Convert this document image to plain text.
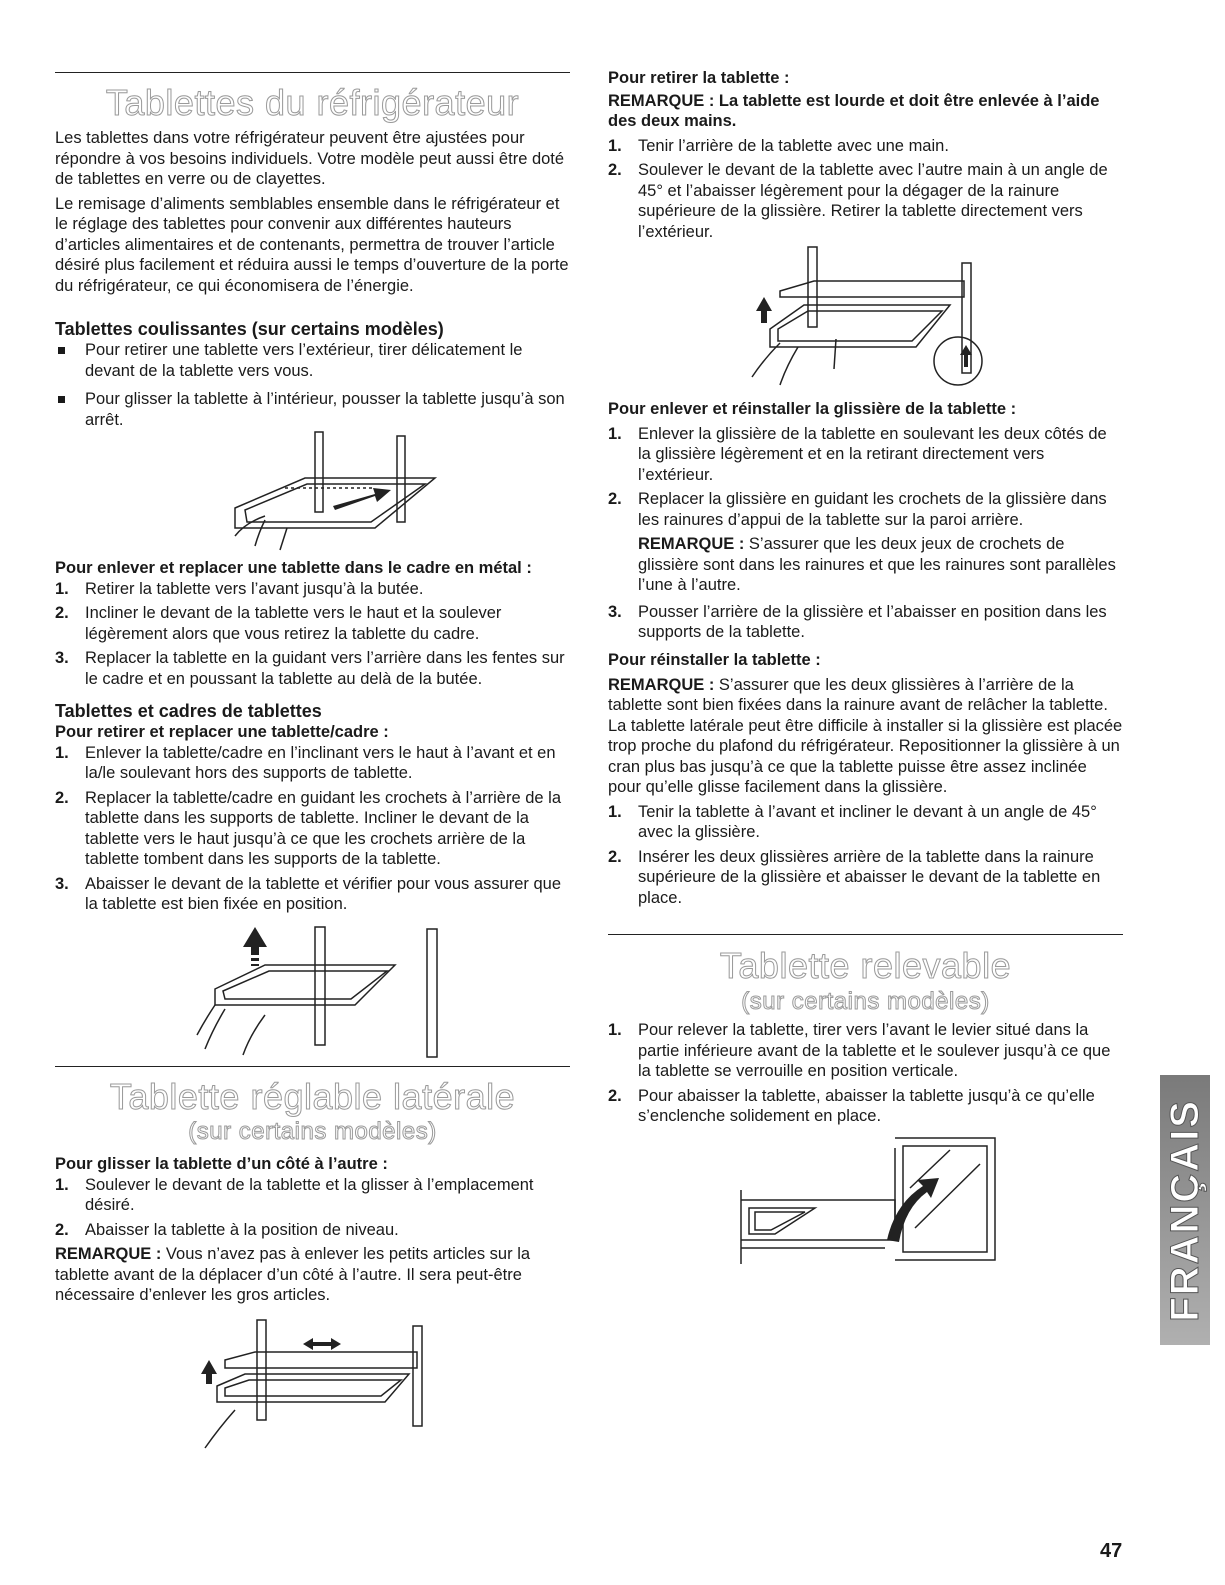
Tablettes du réfrigérateur

Les tablettes dans votre réfrigérateur peuvent être ajustées pour répondre à vos besoins individuels. Votre modèle peut aussi être doté de tablettes en verre ou de clayettes.

Le remisage d’aliments semblables ensemble dans le réfrigérateur et le réglage des tablettes pour convenir aux différentes hauteurs d’articles alimentaires et de contenants, permettra de trouver l’article désiré plus facilement et réduira aussi le temps d’ouverture de la porte du réfrigérateur, ce qui économisera de l’énergie.

Tablettes coulissantes (sur certains modèles)
Pour retirer une tablette vers l’extérieur, tirer délicatement le devant de la tablette vers vous.
Pour glisser la tablette à l’intérieur, pousser la tablette jusqu’à son arrêt.

Pour enlever et replacer une tablette dans le cadre en métal :

1. Retirer la tablette vers l’avant jusqu’à la butée.
2. Incliner le devant de la tablette vers le haut et la soulever légèrement alors que vous retirez la tablette du cadre.
3. Replacer la tablette en la guidant vers l’arrière dans les fentes sur le cadre et en poussant la tablette au delà de la butée.
Tablettes et cadres de tablettes

Pour retirer et replacer une tablette/cadre :

1. Enlever la tablette/cadre en l’inclinant vers le haut à l’avant et en la/le soulevant hors des supports de tablette.
2. Replacer la tablette/cadre en guidant les crochets à l’arrière de la tablette dans les supports de tablette. Incliner le devant de la tablette vers le haut jusqu’à ce que les crochets arrière de la tablette tombent dans les supports de la tablette.
3. Abaisser le devant de la tablette et vérifier pour vous assurer que la tablette est bien fixée en position.
Tablette réglable latérale
(sur certains modèles)

Pour glisser la tablette d’un côté à l’autre :

1. Soulever le devant de la tablette et la glisser à l’emplacement désiré.
2. Abaisser la tablette à la position de niveau.

REMARQUE : Vous n’avez pas à enlever les petits articles sur la tablette avant de la déplacer d’un côté à l’autre. Il sera peut-être nécessaire d’enlever les gros articles.

Pour retirer la tablette :

REMARQUE : La tablette est lourde et doit être enlevée à l’aide des deux mains.

1. Tenir l’arrière de la tablette avec une main.
2. Soulever le devant de la tablette avec l’autre main à un angle de 45° et l’abaisser légèrement pour la dégager de la rainure supérieure de la glissière. Retirer la tablette directement vers l’extérieur.

Pour enlever et réinstaller la glissière de la tablette :

1. Enlever la glissière de la tablette en soulevant les deux côtés de la glissière légèrement et en la retirant directement vers l’extérieur.
2. Replacer la glissière en guidant les crochets de la glissière dans les rainures d’appui de la tablette sur la paroi arrière.

REMARQUE : S’assurer que les deux jeux de crochets de glissière sont dans les rainures et que les rainures sont parallèles l’une à l’autre.

3. Pousser l’arrière de la glissière et l’abaisser en position dans les supports de la tablette.

Pour réinstaller la tablette :

REMARQUE : S’assurer que les deux glissières à l’arrière de la tablette sont bien fixées dans la rainure avant de relâcher la tablette. La tablette latérale peut être difficile à installer si la glissière est placée trop proche du plafond du réfrigérateur. Repositionner la glissière à un cran plus bas jusqu’à ce que la tablette puisse être assez inclinée pour qu’elle glisse facilement dans la glissière.

1. Tenir la tablette à l’avant et incliner le devant à un angle de 45° avec la glissière.
2. Insérer les deux glissières arrière de la tablette dans la rainure supérieure de la glissière et abaisser le devant de la tablette en place.
Tablette relevable
(sur certains modèles)
1. Pour relever la tablette, tirer vers l’avant le levier situé dans la partie inférieure avant de la tablette et le soulever jusqu’à ce que la tablette se verrouille en position verticale.
2. Pour abaisser la tablette, abaisser la tablette jusqu’à ce qu’elle s’enclenche solidement en place.	FRANÇAIS
47
